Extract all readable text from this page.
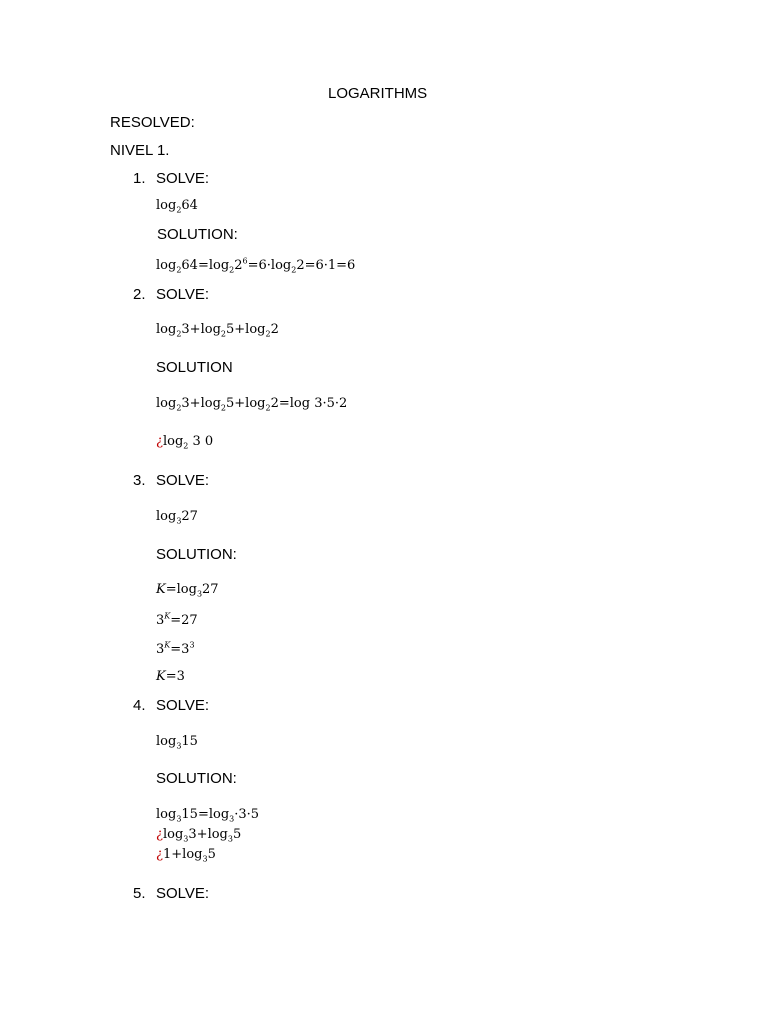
LOGARITHMS
RESOLVED:
NIVEL 1.
1. SOLVE:
$\log_264$
SOLUTION:
$\log_264=\log_22^6=6\cdot\log_22=6\cdot 1=6$
2. SOLVE:
$\log_23+\log_25+\log_22$
SOLUTION
$\log_23+\log_25+\log_22=\log$ 3·5·2
¿$\log_2$ 3 0
3. SOLVE:
$\log_327$
SOLUTION:
$K=\log_327$
$3^K=27$
$3^K=3^3$
K=3
4. SOLVE:
$\log_315$
SOLUTION:
$\log_315=\log_3\cdot 3\cdot 5$
¿$\log_33+\log_35$
¿$1+\log_35$
5. SOLVE:
